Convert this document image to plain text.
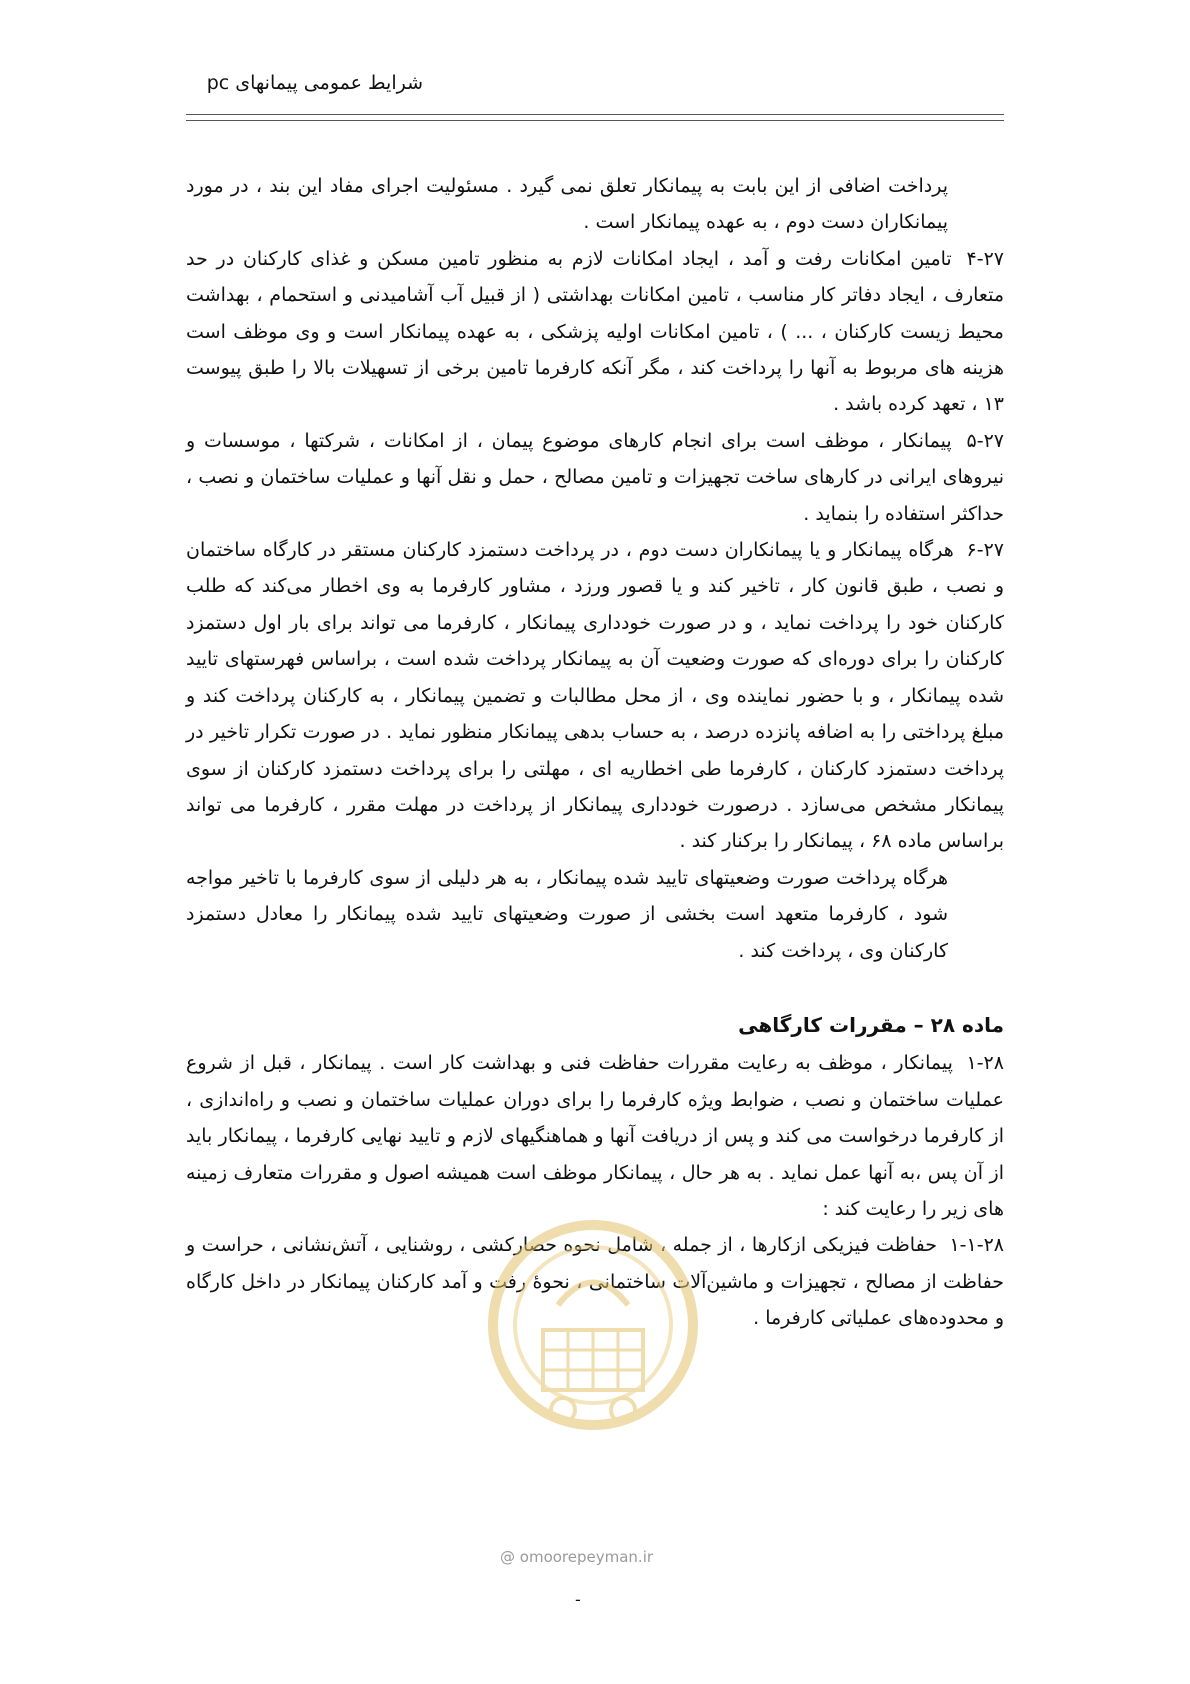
شرایط عمومی پیمانهای pc

پرداخت اضافی از این بابت به پیمانکار تعلق نمی گیرد . مسئولیت اجرای مفاد این بند ، در مورد پیمانکاران دست دوم ، به عهده پیمانکار است .

۴-۲۷ تامین امکانات رفت و آمد ، ایجاد امکانات لازم به منظور تامین مسکن و غذای کارکنان در حد متعارف ، ایجاد دفاتر کار مناسب ، تامین امکانات بهداشتی ( از قبیل آب آشامیدنی و استحمام ، بهداشت محیط زیست کارکنان ، ... ) ، تامین امکانات اولیه پزشکی ، به عهده پیمانکار است و وی موظف است هزینه های مربوط به آنها را پرداخت کند ، مگر آنکه کارفرما تامین برخی از تسهیلات بالا را طبق پیوست ۱۳ ، تعهد کرده باشد .

۵-۲۷ پیمانکار ، موظف است برای انجام کارهای موضوع پیمان ، از امکانات ، شرکتها ، موسسات و نیروهای ایرانی در کارهای ساخت تجهیزات و تامین مصالح ، حمل و نقل آنها و عملیات ساختمان و نصب ، حداکثر استفاده را بنماید .

۶-۲۷ هرگاه پیمانکار و یا پیمانکاران دست دوم ، در پرداخت دستمزد کارکنان مستقر در کارگاه ساختمان و نصب ، طبق قانون کار ، تاخیر کند و یا قصور ورزد ، مشاور کارفرما به وی اخطار می‌کند که طلب کارکنان خود را پرداخت نماید ، و در صورت خودداری پیمانکار ، کارفرما می تواند برای بار اول دستمزد کارکنان را برای دوره‌ای که صورت وضعیت آن به پیمانکار پرداخت شده است ، براساس فهرستهای تایید شده پیمانکار ، و با حضور نماینده وی ، از محل مطالبات و تضمین پیمانکار ، به کارکنان پرداخت کند و مبلغ پرداختی را به اضافه پانزده درصد ، به حساب بدهی پیمانکار منظور نماید . در صورت تکرار تاخیر در پرداخت دستمزد کارکنان ، کارفرما طی اخطاریه ای ، مهلتی را برای پرداخت دستمزد کارکنان از سوی پیمانکار مشخص می‌سازد . درصورت خودداری پیمانکار از پرداخت در مهلت مقرر ، کارفرما می تواند براساس ماده ۶۸ ، پیمانکار را برکنار کند .

هرگاه پرداخت صورت وضعیتهای تایید شده پیمانکار ، به هر دلیلی از سوی کارفرما با تاخیر مواجه شود ، کارفرما متعهد است بخشی از صورت وضعیتهای تایید شده پیمانکار را معادل دستمزد کارکنان وی ، پرداخت کند .

ماده ۲۸ – مقررات کارگاهی

۱-۲۸ پیمانکار ، موظف به رعایت مقررات حفاظت فنی و بهداشت کار است . پیمانکار ، قبل از شروع عملیات ساختمان و نصب ، ضوابط ویژه کارفرما را برای دوران عملیات ساختمان و نصب و راه‌اندازی ، از کارفرما درخواست می کند و پس از دریافت آنها و هماهنگیهای لازم و تایید نهایی کارفرما ، پیمانکار باید از آن پس ،به آنها عمل نماید . به هر حال ، پیمانکار موظف است همیشه اصول و مقررات متعارف زمینه های زیر را رعایت کند :

۱-۱-۲۸ حفاظت فیزیکی ازکارها ، از جمله ، شامل نحوه حصارکشی ، روشنایی ، آتش‌نشانی ، حراست و حفاظت از مصالح ، تجهیزات و ماشین‌آلات ساختمانی ، نحوهٔ رفت و آمد کارکنان پیمانکار در داخل کارگاه و محدوده‌های عملیاتی کارفرما .

@ omoorepeyman.ir
-
